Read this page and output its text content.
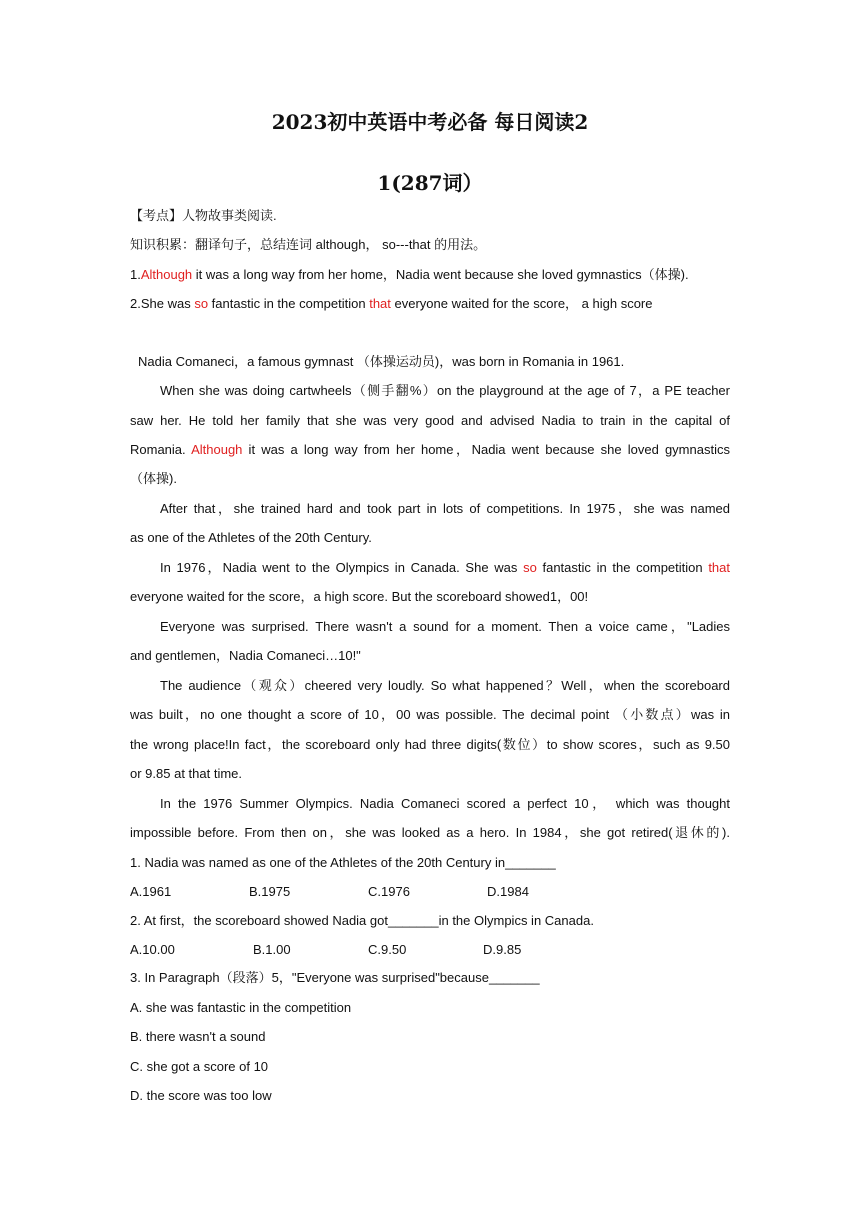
2023初中英语中考必备 每日阅读2
1(287词）
【考点】人物故事类阅读.
知识积累：翻译句子，总结连词 although， so---that 的用法。
1.Although it was a long way from her home，Nadia went because she loved gymnastics（体操).
2.She was so fantastic in the competition that everyone waited for the score， a high score
Nadia Comaneci，a famous gymnast （体操运动员)，was born in Romania in 1961.
When she was doing cartwheels（侧手翻%）on the playground at the age of 7，a PE teacher
saw her. He told her family that she was very good and advised Nadia to train in the capital of
Romania. Although it was a long way from her home，Nadia went because she loved gymnastics
（体操).
After that，she trained hard and took part in lots of competitions. In 1975，she was named
as one of the Athletes of the 20th Century.
In 1976，Nadia went to the Olympics in Canada. She was so fantastic in the competition that
everyone waited for the score，a high score. But the scoreboard showed1，00!
Everyone was surprised. There wasn't a sound for a moment. Then a voice came，"Ladies
and gentlemen，Nadia Comaneci…10!"
The audience（观众）cheered very loudly. So what happened？Well，when the scoreboard
was built，no one thought a score of 10，00 was possible. The decimal point （小数点）was in
the wrong place!In fact，the scoreboard only had three digits(数位）to show scores，such as 9.50
or 9.85 at that time.
In the 1976 Summer Olympics. Nadia Comaneci scored a perfect 10， which was thought
impossible before. From then on，she was looked as a hero. In 1984，she got retired(退休的).
1. Nadia was named as one of the Athletes of the 20th Century in_______
A.1961	B.1975	C.1976	D.1984
2. At first，the scoreboard showed Nadia got_______in the Olympics in Canada.
A.10.00	B.1.00	C.9.50	D.9.85
3. In Paragraph（段落）5，"Everyone was surprised"because_______
A. she was fantastic in the competition
B. there wasn't a sound
C. she got a score of 10
D. the score was too low
